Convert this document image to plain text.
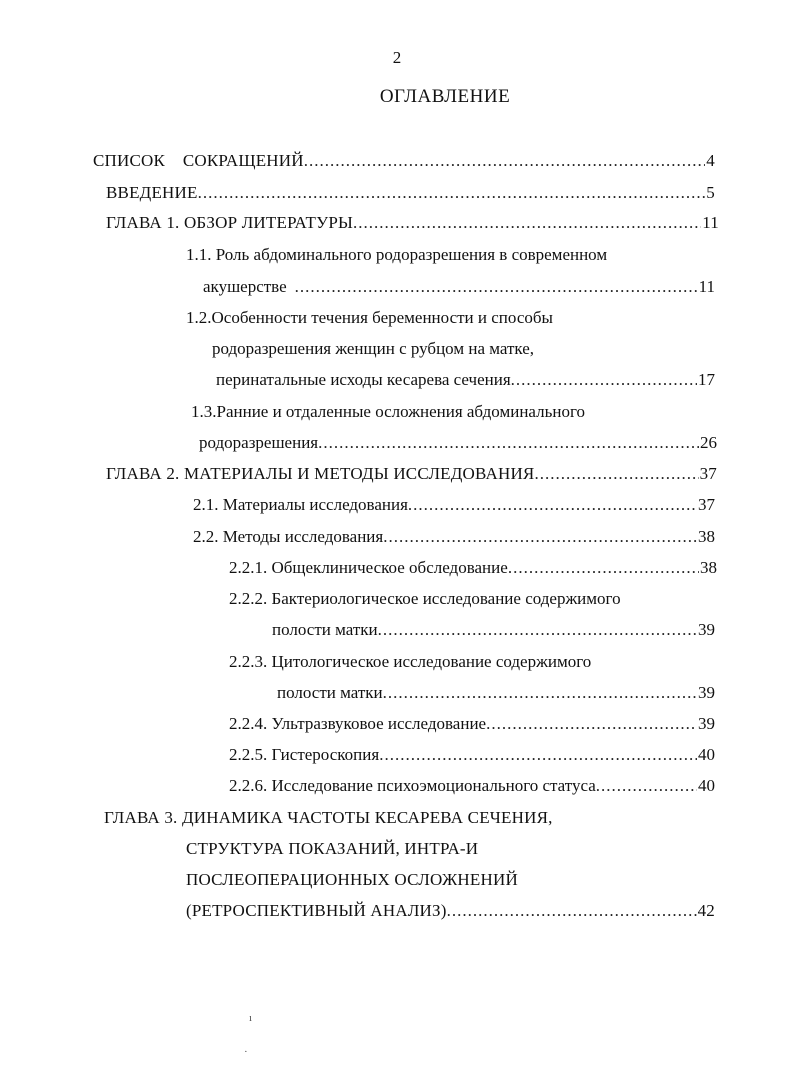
2
ОГЛАВЛЕНИЕ
СПИСОК    СОКРАЩЕНИЙ .....	4
ВВЕДЕНИЕ .....	5
ГЛАВА 1. ОБЗОР ЛИТЕРАТУРЫ .....	11
1.1. Роль абдоминального родоразрешения в современном
акушерстве .....	11
1.2.Особенности течения беременности и способы
родоразрешения женщин с рубцом на матке,
перинатальные исходы кесарева сечения .....	17
1.3.Ранние и отдаленные осложнения абдоминального
родоразрешения .....	26
ГЛАВА 2. МАТЕРИАЛЫ И МЕТОДЫ ИССЛЕДОВАНИЯ .....	37
2.1. Материалы исследования .....	37
2.2. Методы исследования .....	38
2.2.1. Общеклиническое обследование .....	38
2.2.2. Бактериологическое исследование содержимого
полости матки .....	39
2.2.3. Цитологическое исследование содержимого
полости матки .....	39
2.2.4. Ультразвуковое исследование .....	39
2.2.5. Гистероскопия .....	40
2.2.6. Исследование психоэмоционального статуса .....	40
ГЛАВА 3. ДИНАМИКА ЧАСТОТЫ КЕСАРЕВА СЕЧЕНИЯ,
СТРУКТУРА ПОКАЗАНИЙ, ИНТРА-И
ПОСЛЕОПЕРАЦИОННЫХ ОСЛОЖНЕНИЙ
(РЕТРОСПЕКТИВНЫЙ АНАЛИЗ) .....	42
ı
·
